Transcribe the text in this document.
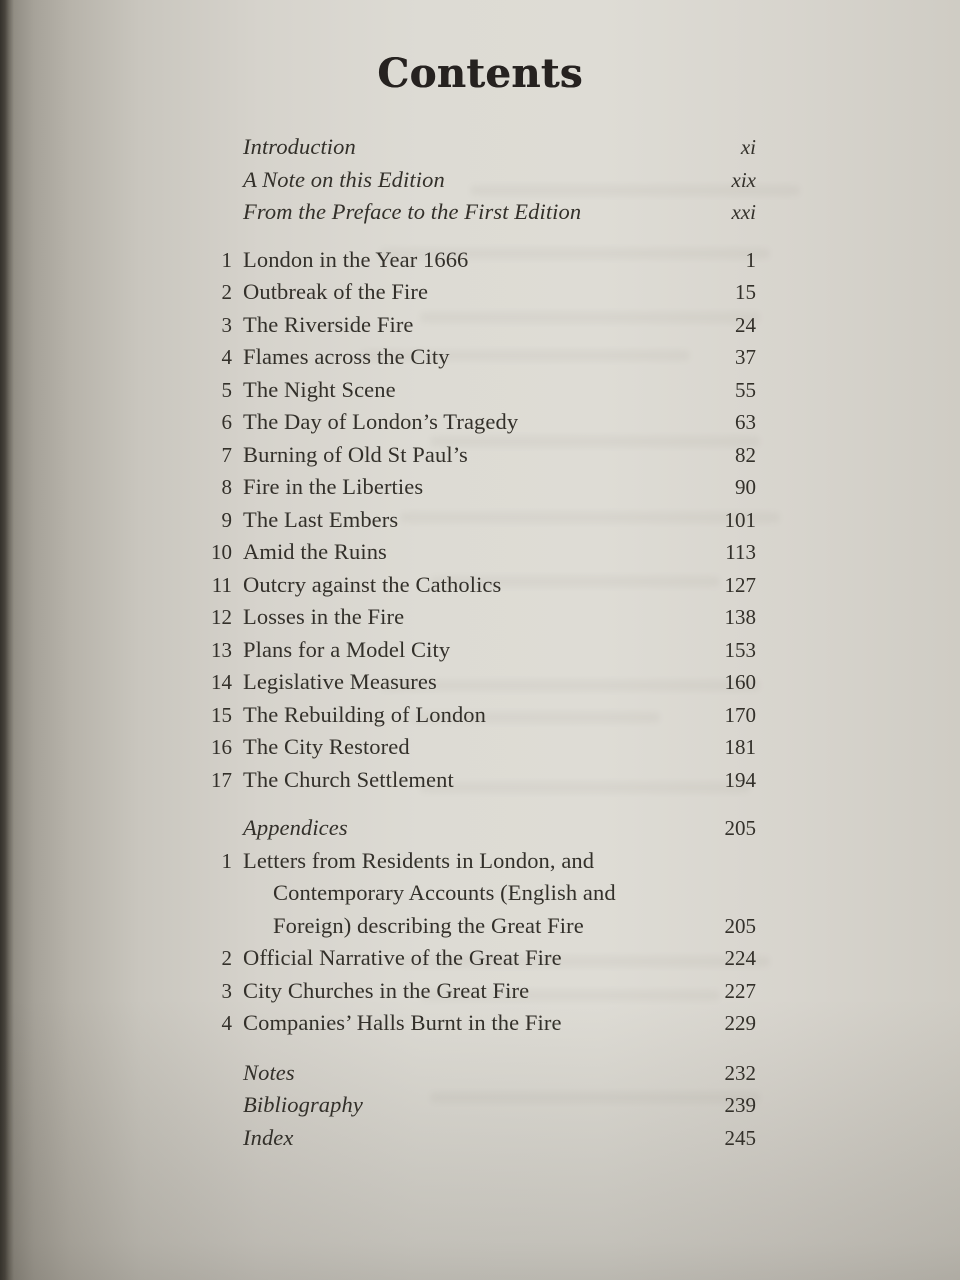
Contents
Introduction	xi
A Note on this Edition	xix
From the Preface to the First Edition	xxi
1 London in the Year 1666	1
2 Outbreak of the Fire	15
3 The Riverside Fire	24
4 Flames across the City	37
5 The Night Scene	55
6 The Day of London’s Tragedy	63
7 Burning of Old St Paul’s	82
8 Fire in the Liberties	90
9 The Last Embers	101
10 Amid the Ruins	113
11 Outcry against the Catholics	127
12 Losses in the Fire	138
13 Plans for a Model City	153
14 Legislative Measures	160
15 The Rebuilding of London	170
16 The City Restored	181
17 The Church Settlement	194
Appendices	205
1 Letters from Residents in London, and
Contemporary Accounts (English and
Foreign) describing the Great Fire	205
2 Official Narrative of the Great Fire	224
3 City Churches in the Great Fire	227
4 Companies’ Halls Burnt in the Fire	229
Notes	232
Bibliography	239
Index	245
